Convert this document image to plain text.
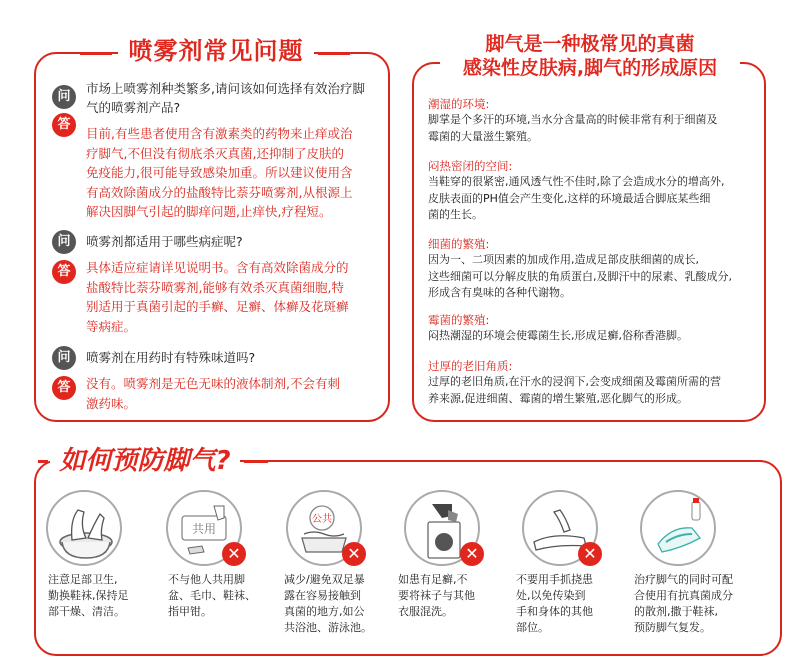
喷雾剂常见问题
问
市场上喷雾剂种类繁多,请问该如何选择有效治疗脚
气的喷雾剂产品?
答
目前,有些患者使用含有激素类的药物来止痒或治
疗脚气,不但没有彻底杀灭真菌,还抑制了皮肤的
免疫能力,很可能导致感染加重。所以建议使用含
有高效除菌成分的盐酸特比萘芬喷雾剂,从根源上
解决因脚气引起的脚痒问题,止痒快,疗程短。
问	喷雾剂都适用于哪些病症呢?
答	具体适应症请详见说明书。含有高效除菌成分的
盐酸特比萘芬喷雾剂,能够有效杀灭真菌细胞,特
别适用于真菌引起的手癣、足癣、体癣及花斑癣
等病症。
问	喷雾剂在用药时有特殊味道吗?
答	没有。喷雾剂是无色无味的液体制剂,不会有刺
激药味。
脚气是一种极常见的真菌
感染性皮肤病,脚气的形成原因
潮湿的环境:
脚掌是个多汗的环境,当水分含量高的时候非常有利于细菌及
霉菌的大量滋生繁殖。
闷热密闭的空间:
当鞋穿的很紧密,通风透气性不佳时,除了会造成水分的增高外,
皮肤表面的PH值会产生变化,这样的环境最适合脚底某些细
菌的生长。
细菌的繁殖:
因为一、二项因素的加成作用,造成足部皮肤细菌的成长,
这些细菌可以分解皮肤的角质蛋白,及脚汗中的尿素、乳酸成分,
形成含有臭味的各种代谢物。
霉菌的繁殖:
闷热潮湿的环境会使霉菌生长,形成足癣,俗称香港脚。
过厚的老旧角质:
过厚的老旧角质,在汗水的浸润下,会变成细菌及霉菌所需的营
养来源,促进细菌、霉菌的增生繁殖,恶化脚气的形成。
如何预防脚气?
注意足部卫生,
勤换鞋袜,保持足
部干燥、清洁。
共用
✕
不与他人共用脚
盆、毛巾、鞋袜、
指甲钳。
公共
✕
减少/避免双足暴
露在容易接触到
真菌的地方,如公
共浴池、游泳池。
✕
如患有足癣,不
要将袜子与其他
衣服混洗。
✕
不要用手抓挠患
处,以免传染到
手和身体的其他
部位。
治疗脚气的同时可配
合使用有抗真菌成分
的散剂,撒于鞋袜,
预防脚气复发。
